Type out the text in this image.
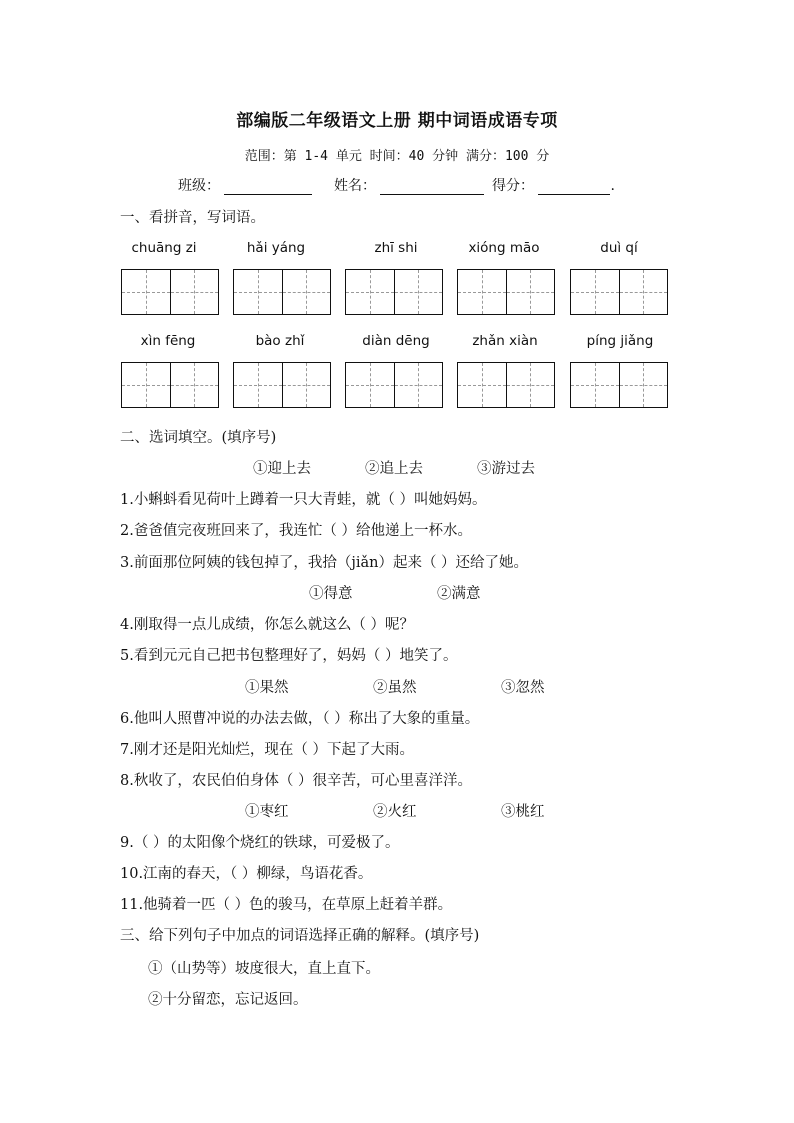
部编版二年级语文上册 期中词语成语专项
范围：第 1-4 单元 时间：40 分钟 满分：100 分
班级：	姓名：	得分：	.
一、看拼音，写词语。
chuāng zi	hǎi yáng	zhī shi	xióng māo	duì qí
xìn fēng	bào zhǐ	diàn dēng	zhǎn xiàn	píng jiǎng
二、选词填空。(填序号)
①迎上去	②追上去	③游过去
1.小蝌蚪看见荷叶上蹲着一只大青蛙，就（ ）叫她妈妈。
2.爸爸值完夜班回来了，我连忙（ ）给他递上一杯水。
3.前面那位阿姨的钱包掉了，我拾（jiǎn）起来（ ）还给了她。
①得意	②满意
4.刚取得一点儿成绩，你怎么就这么（ ）呢？
5.看到元元自己把书包整理好了，妈妈（ ）地笑了。
①果然	②虽然	③忽然
6.他叫人照曹冲说的办法去做，（ ）称出了大象的重量。
7.刚才还是阳光灿烂，现在（ ）下起了大雨。
8.秋收了，农民伯伯身体（ ）很辛苦，可心里喜洋洋。
①枣红	②火红	③桃红
9.（ ）的太阳像个烧红的铁球，可爱极了。
10.江南的春天，（ ）柳绿，鸟语花香。
11.他骑着一匹（ ）色的骏马，在草原上赶着羊群。
三、给下列句子中加点的词语选择正确的解释。(填序号)
①（山势等）坡度很大，直上直下。
②十分留恋，忘记返回。
